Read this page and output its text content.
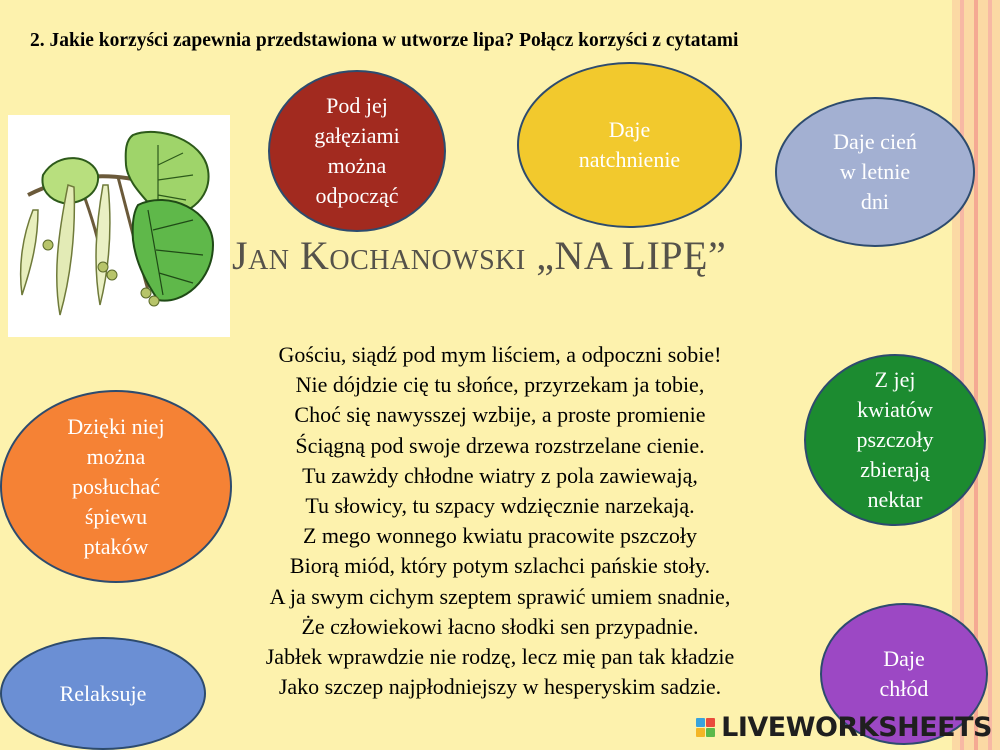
2. Jakie korzyści zapewnia przedstawiona w utworze lipa? Połącz korzyści z cytatami
Pod jej
gałęziami
można
odpocząć
Daje
natchnienie
Daje cień
w letnie
dni
Dzięki niej
można
posłuchać
śpiewu
ptaków
Z jej
kwiatów
pszczoły
zbierają
nektar
Relaksuje
Daje
chłód
Jan Kochanowski „NA LIPĘ”
Gościu, siądź pod mym liściem, a odpoczni sobie!
Nie dójdzie cię tu słońce, przyrzekam ja tobie,
Choć się nawysszej wzbije, a proste promienie
Ściągną pod swoje drzewa rozstrzelane cienie.
Tu zawżdy chłodne wiatry z pola zawiewają,
Tu słowicy, tu szpacy wdzięcznie narzekają.
Z mego wonnego kwiatu pracowite pszczoły
Biorą miód, który potym szlachci pańskie stoły.
A ja swym cichym szeptem sprawić umiem snadnie,
Że człowiekowi łacno słodki sen przypadnie.
Jabłek wprawdzie nie rodzę, lecz mię pan tak kładzie
Jako szczep najpłodniejszy w hesperyskim sadzie.
LIVEWORKSHEETS
